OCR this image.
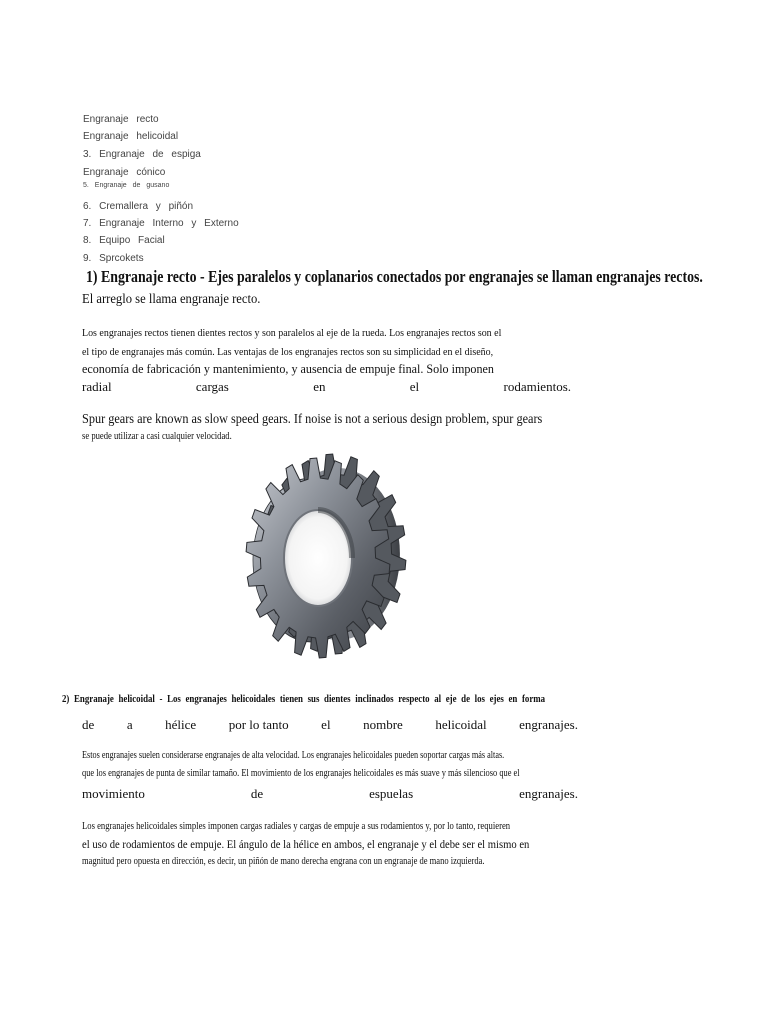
Engranaje recto
Engranaje helicoidal
3. Engranaje de espiga
Engranaje cónico
5. Engranaje de gusano
6. Cremallera y piñón
7. Engranaje Interno y Externo
8. Equipo Facial
9. Sprcokets
1) Engranaje recto - Ejes paralelos y coplanarios conectados por engranajes se llaman engranajes rectos.
El arreglo se llama engranaje recto.
Los engranajes rectos tienen dientes rectos y son paralelos al eje de la rueda. Los engranajes rectos son el
el tipo de engranajes más común. Las ventajas de los engranajes rectos son su simplicidad en el diseño,
economía de fabricación y mantenimiento, y ausencia de empuje final. Solo imponen
radial	cargas	en	el	rodamientos.
Spur gears are known as slow speed gears. If noise is not a serious design problem, spur gears
se puede utilizar a casi cualquier velocidad.
2) Engranaje helicoidal - Los engranajes helicoidales tienen sus dientes inclinados respecto al eje de los ejes en forma
de	a	hélice	por lo tanto	el	nombre	helicoidal	engranajes.
Estos engranajes suelen considerarse engranajes de alta velocidad. Los engranajes helicoidales pueden soportar cargas más altas.
que los engranajes de punta de similar tamaño. El movimiento de los engranajes helicoidales es más suave y más silencioso que el
movimiento	de	espuelas	engranajes.
Los engranajes helicoidales simples imponen cargas radiales y cargas de empuje a sus rodamientos y, por lo tanto, requieren
el uso de rodamientos de empuje. El ángulo de la hélice en ambos, el engranaje y el debe ser el mismo en
magnitud pero opuesta en dirección, es decir, un piñón de mano derecha engrana con un engranaje de mano izquierda.
